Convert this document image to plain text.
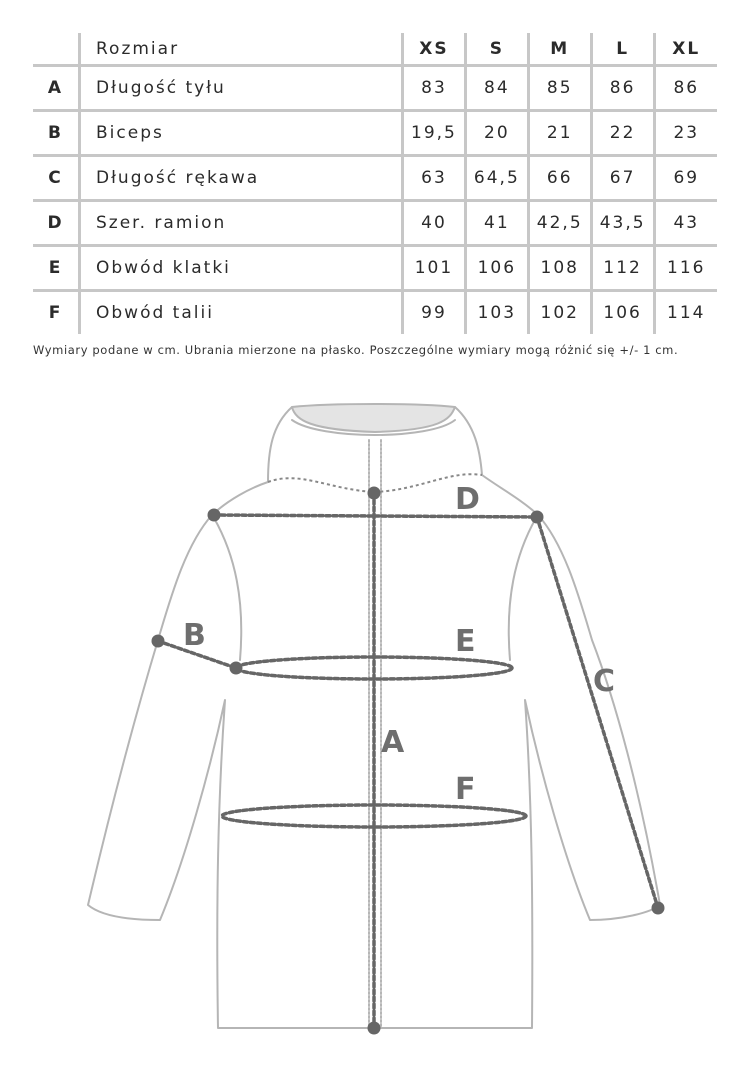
	Rozmiar	XS	S	M	L	XL
A	Długość tyłu	83	84	85	86	86
B	Biceps	19,5	20	21	22	23
C	Długość rękawa	63	64,5	66	67	69
D	Szer. ramion	40	41	42,5	43,5	43
E	Obwód klatki	101	106	108	112	116
F	Obwód talii	99	103	102	106	114
Wymiary podane w cm. Ubrania mierzone na płasko. Poszczególne wymiary mogą różnić się +/- 1 cm.
A
B
C
D
E
F
